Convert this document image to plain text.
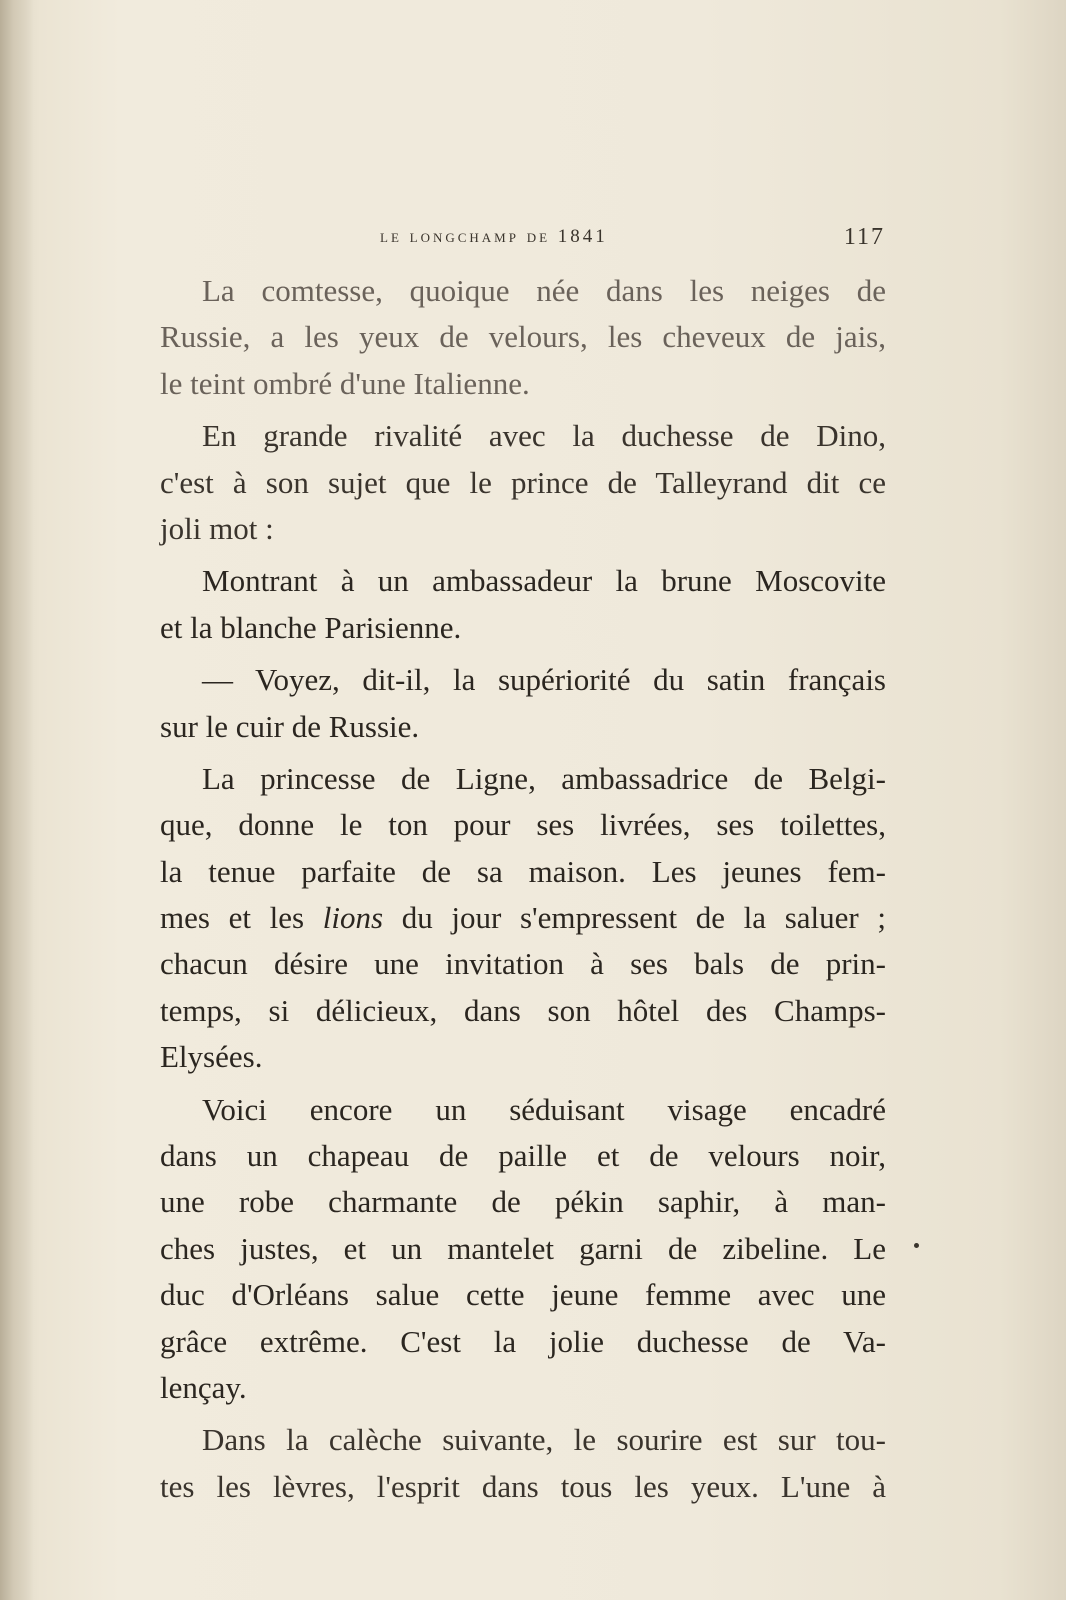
le longchamp de 1841	117
La comtesse, quoique née dans les neiges de
Russie, a les yeux de velours, les cheveux de jais,
le teint ombré d'une Italienne.
En grande rivalité avec la duchesse de Dino,
c'est à son sujet que le prince de Talleyrand dit ce
joli mot :
Montrant à un ambassadeur la brune Moscovite
et la blanche Parisienne.
— Voyez, dit-il, la supériorité du satin français
sur le cuir de Russie.
La princesse de Ligne, ambassadrice de Belgi-
que, donne le ton pour ses livrées, ses toilettes,
la tenue parfaite de sa maison. Les jeunes fem-
mes et les lions du jour s'empressent de la saluer ;
chacun désire une invitation à ses bals de prin-
temps, si délicieux, dans son hôtel des Champs-
Elysées.
Voici encore un séduisant visage encadré
dans un chapeau de paille et de velours noir,
une robe charmante de pékin saphir, à man-
ches justes, et un mantelet garni de zibeline. Le
duc d'Orléans salue cette jeune femme avec une
grâce extrême. C'est la jolie duchesse de Va-
lençay.
Dans la calèche suivante, le sourire est sur tou-
tes les lèvres, l'esprit dans tous les yeux. L'une à
